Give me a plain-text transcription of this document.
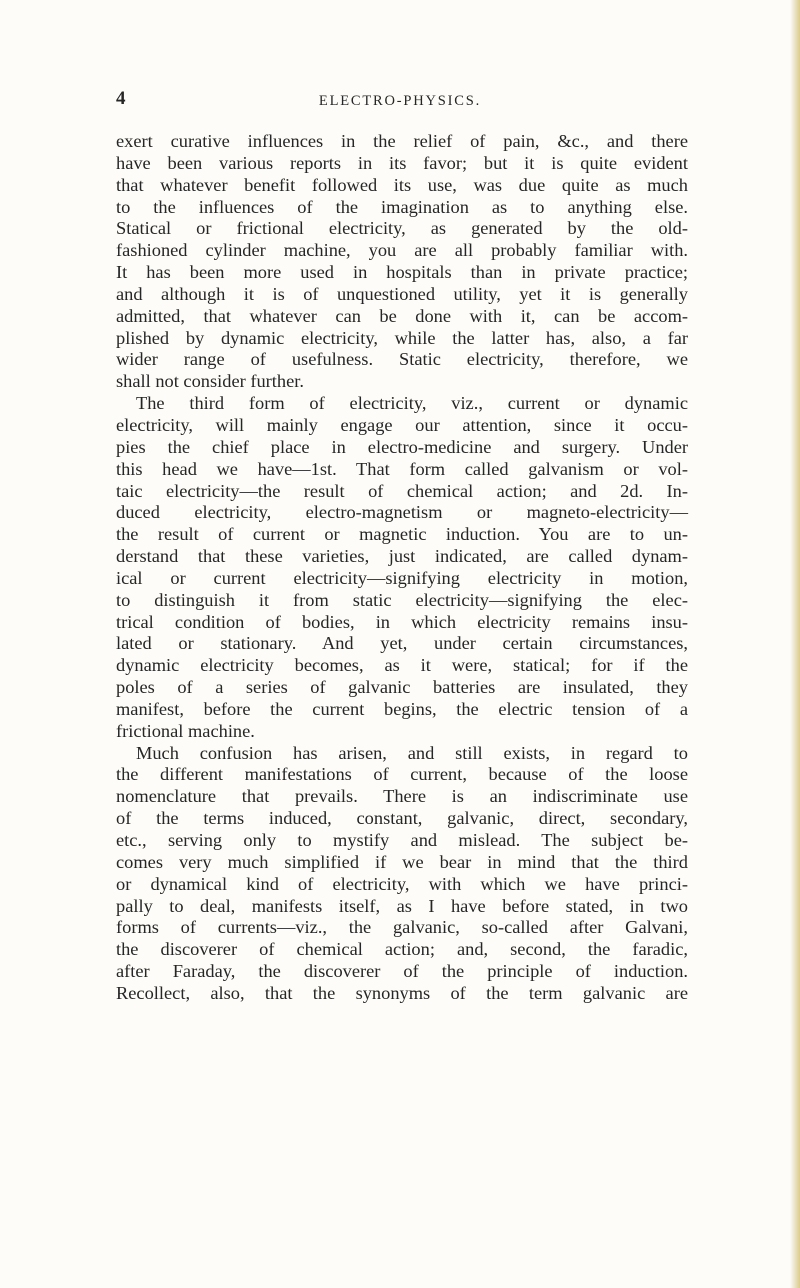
4	ELECTRO-PHYSICS.
exert curative influences in the relief of pain, &c., and there
have been various reports in its favor; but it is quite evident
that whatever benefit followed its use, was due quite as much
to the influences of the imagination as to anything else.
Statical or frictional electricity, as generated by the old-
fashioned cylinder machine, you are all probably familiar with.
It has been more used in hospitals than in private practice;
and although it is of unquestioned utility, yet it is generally
admitted, that whatever can be done with it, can be accom-
plished by dynamic electricity, while the latter has, also, a far
wider range of usefulness. Static electricity, therefore, we
shall not consider further.
The third form of electricity, viz., current or dynamic
electricity, will mainly engage our attention, since it occu-
pies the chief place in electro-medicine and surgery. Under
this head we have—1st. That form called galvanism or vol-
taic electricity—the result of chemical action; and 2d. In-
duced electricity, electro-magnetism or magneto-electricity—
the result of current or magnetic induction. You are to un-
derstand that these varieties, just indicated, are called dynam-
ical or current electricity—signifying electricity in motion,
to distinguish it from static electricity—signifying the elec-
trical condition of bodies, in which electricity remains insu-
lated or stationary. And yet, under certain circumstances,
dynamic electricity becomes, as it were, statical; for if the
poles of a series of galvanic batteries are insulated, they
manifest, before the current begins, the electric tension of a
frictional machine.
Much confusion has arisen, and still exists, in regard to
the different manifestations of current, because of the loose
nomenclature that prevails. There is an indiscriminate use
of the terms induced, constant, galvanic, direct, secondary,
etc., serving only to mystify and mislead. The subject be-
comes very much simplified if we bear in mind that the third
or dynamical kind of electricity, with which we have princi-
pally to deal, manifests itself, as I have before stated, in two
forms of currents—viz., the galvanic, so-called after Galvani,
the discoverer of chemical action; and, second, the faradic,
after Faraday, the discoverer of the principle of induction.
Recollect, also, that the synonyms of the term galvanic are
